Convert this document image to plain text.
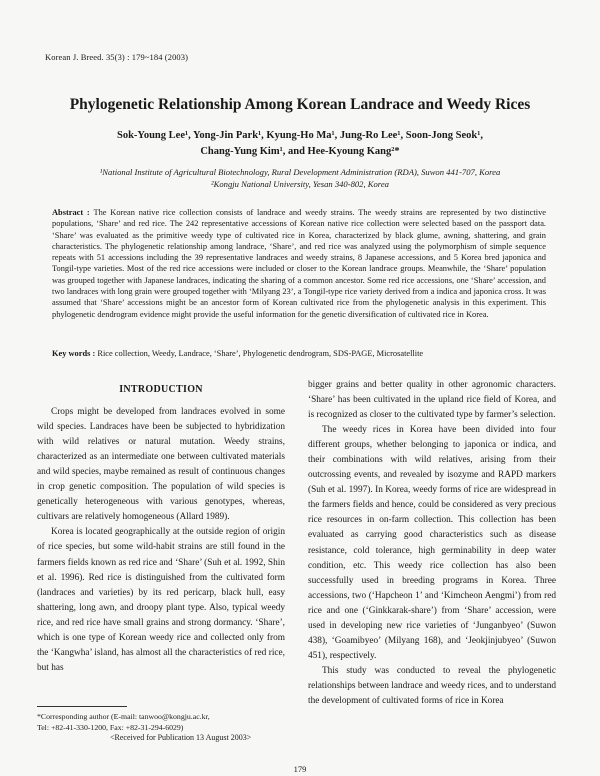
Korean J. Breed. 35(3) : 179~184 (2003)
Phylogenetic Relationship Among Korean Landrace and Weedy Rices
Sok-Young Lee¹, Yong-Jin Park¹, Kyung-Ho Ma¹, Jung-Ro Lee¹, Soon-Jong Seok¹,
Chang-Yung Kim¹, and Hee-Kyoung Kang²*
¹National Institute of Agricultural Biotechnology, Rural Development Administration (RDA), Suwon 441-707, Korea
²Kongju National University, Yesan 340-802, Korea
Abstract : The Korean native rice collection consists of landrace and weedy strains. The weedy strains are represented by two distinctive populations, ‘Share’ and red rice. The 242 representative accessions of Korean native rice collection were selected based on the passport data. ‘Share’ was evaluated as the primitive weedy type of cultivated rice in Korea, characterized by black glume, awning, shattering, and grain characteristics. The phylogenetic relationship among landrace, ‘Share’, and red rice was analyzed using the polymorphism of simple sequence repeats with 51 accessions including the 39 representative landraces and weedy strains, 8 Japanese accessions, and 5 Korea bred japonica and Tongil-type varieties. Most of the red rice accessions were included or closer to the Korean landrace groups. Meanwhile, the ‘Share’ population was grouped together with Japanese landraces, indicating the sharing of a common ancestor. Some red rice accessions, one ‘Share’ accession, and two landraces with long grain were grouped together with ‘Milyang 23’, a Tongil-type rice variety derived from a indica and japonica cross. It was assumed that ‘Share’ accessions might be an ancestor form of Korean cultivated rice from the phylogenetic analysis in this experiment. This phylogenetic dendrogram evidence might provide the useful information for the genetic diversification of cultivated rice in Korea.
Key words : Rice collection, Weedy, Landrace, ‘Share’, Phylogenetic dendrogram, SDS-PAGE, Microsatellite
INTRODUCTION

Crops might be developed from landraces evolved in some wild species. Landraces have been be subjected to hybridization with wild relatives or natural mutation. Weedy strains, characterized as an intermediate one between cultivated materials and wild species, maybe remained as result of continuous changes in crop genetic composition. The population of wild species is genetically heterogeneous with various genotypes, whereas, cultivars are relatively homogeneous (Allard 1989).

Korea is located geographically at the outside region of origin of rice species, but some wild-habit strains are still found in the farmers fields known as red rice and ‘Share’ (Suh et al. 1992, Shin et al. 1996). Red rice is distinguished from the cultivated form (landraces and varieties) by its red pericarp, black hull, easy shattering, long awn, and droopy plant type. Also, typical weedy rice, and red rice have small grains and strong dormancy. ‘Share’, which is one type of Korean weedy rice and collected only from the ‘Kangwha’ island, has almost all the characteristics of red rice, but has

bigger grains and better quality in other agronomic characters. ‘Share’ has been cultivated in the upland rice field of Korea, and is recognized as closer to the cultivated type by farmer’s selection.

The weedy rices in Korea have been divided into four different groups, whether belonging to japonica or indica, and their combinations with wild relatives, arising from their outcrossing events, and revealed by isozyme and RAPD markers (Suh et al. 1997). In Korea, weedy forms of rice are widespread in the farmers fields and hence, could be considered as very precious rice resources in on-farm collection. This collection has been evaluated as carrying good characteristics such as disease resistance, cold tolerance, high germinability in deep water condition, etc. This weedy rice collection has also been successfully used in breeding programs in Korea. Three accessions, two (‘Hapcheon 1’ and ‘Kimcheon Aengmi’) from red rice and one (‘Ginkkarak-share’) from ‘Share’ accession, were used in developing new rice varieties of ‘Junganbyeo’ (Suwon 438), ‘Goamibyeo’ (Milyang 168), and ‘Jeokjinjubyeo’ (Suwon 451), respectively.

This study was conducted to reveal the phylogenetic relationships between landrace and weedy rices, and to understand the development of cultivated forms of rice in Korea

*Corresponding author (E-mail: tanwoo@kongju.ac.kr,
Tel: +82-41-330-1200, Fax: +82-31-294-6029)
<Received for Publication 13 August 2003>
179
